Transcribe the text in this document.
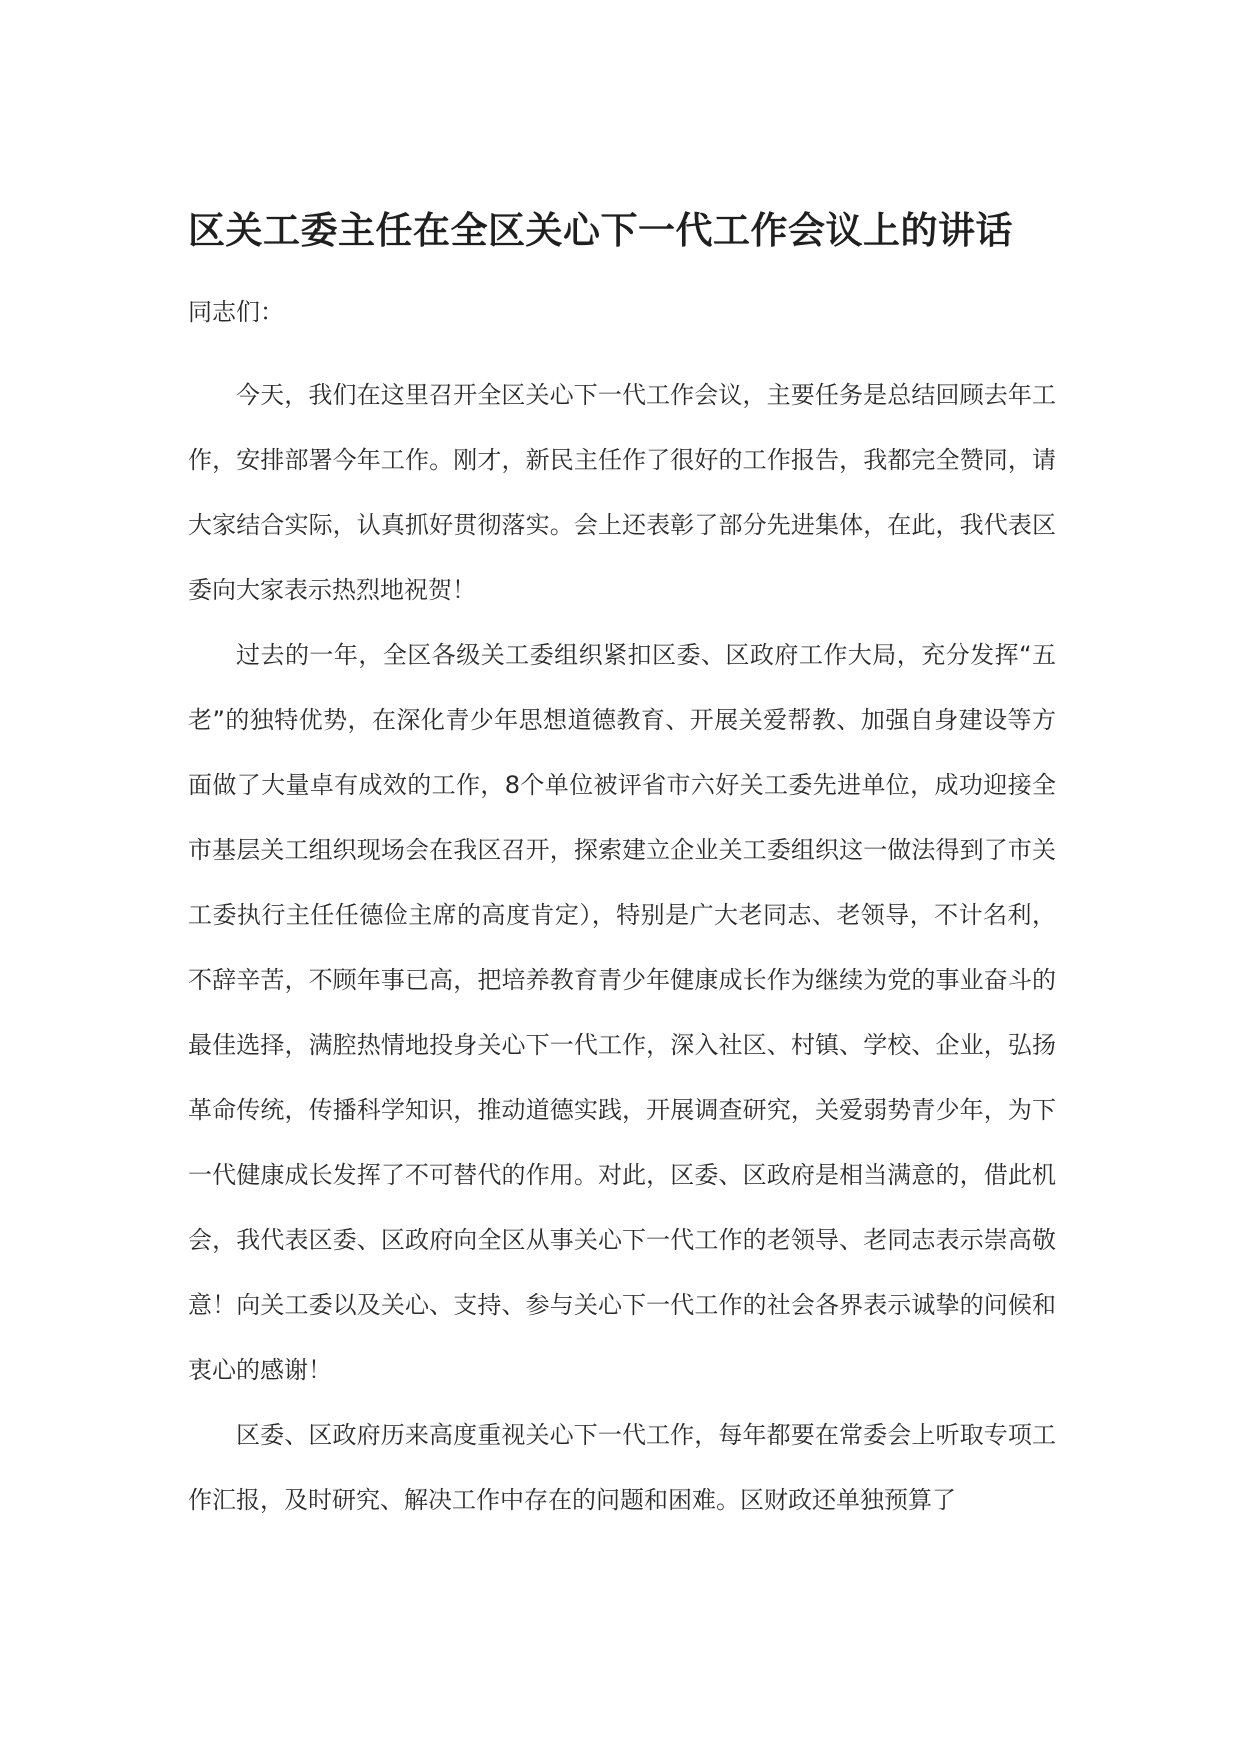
区关工委主任在全区关心下一代工作会议上的讲话

同志们：

今天，我们在这里召开全区关心下一代工作会议，主要任务是总结回顾去年工作，安排部署今年工作。刚才，新民主任作了很好的工作报告，我都完全赞同，请大家结合实际，认真抓好贯彻落实。会上还表彰了部分先进集体，在此，我代表区委向大家表示热烈地祝贺！

过去的一年，全区各级关工委组织紧扣区委、区政府工作大局，充分发挥“五老”的独特优势，在深化青少年思想道德教育、开展关爱帮教、加强自身建设等方面做了大量卓有成效的工作，8个单位被评省市六好关工委先进单位，成功迎接全市基层关工组织现场会在我区召开，探索建立企业关工委组织这一做法得到了市关工委执行主任任德俭主席的高度肯定），特别是广大老同志、老领导，不计名利，不辞辛苦，不顾年事已高，把培养教育青少年健康成长作为继续为党的事业奋斗的最佳选择，满腔热情地投身关心下一代工作，深入社区、村镇、学校、企业，弘扬革命传统，传播科学知识，推动道德实践，开展调查研究，关爱弱势青少年，为下一代健康成长发挥了不可替代的作用。对此，区委、区政府是相当满意的，借此机会，我代表区委、区政府向全区从事关心下一代工作的老领导、老同志表示崇高敬意！向关工委以及关心、支持、参与关心下一代工作的社会各界表示诚挚的问候和衷心的感谢！

区委、区政府历来高度重视关心下一代工作，每年都要在常委会上听取专项工作汇报，及时研究、解决工作中存在的问题和困难。区财政还单独预算了
